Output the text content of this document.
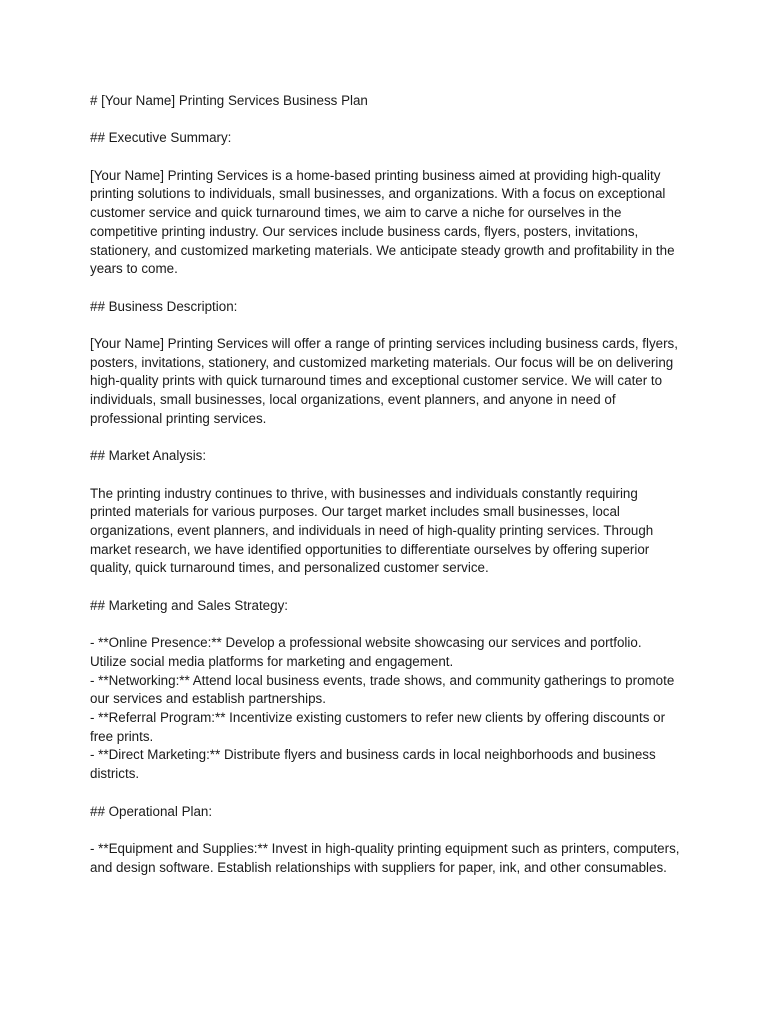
# [Your Name] Printing Services Business Plan

## Executive Summary:

[Your Name] Printing Services is a home-based printing business aimed at providing high-quality printing solutions to individuals, small businesses, and organizations. With a focus on exceptional customer service and quick turnaround times, we aim to carve a niche for ourselves in the competitive printing industry. Our services include business cards, flyers, posters, invitations, stationery, and customized marketing materials. We anticipate steady growth and profitability in the years to come.

## Business Description:

[Your Name] Printing Services will offer a range of printing services including business cards, flyers, posters, invitations, stationery, and customized marketing materials. Our focus will be on delivering high-quality prints with quick turnaround times and exceptional customer service. We will cater to individuals, small businesses, local organizations, event planners, and anyone in need of professional printing services.

## Market Analysis:

The printing industry continues to thrive, with businesses and individuals constantly requiring printed materials for various purposes. Our target market includes small businesses, local organizations, event planners, and individuals in need of high-quality printing services. Through market research, we have identified opportunities to differentiate ourselves by offering superior quality, quick turnaround times, and personalized customer service.

## Marketing and Sales Strategy:

- **Online Presence:** Develop a professional website showcasing our services and portfolio. Utilize social media platforms for marketing and engagement.
- **Networking:** Attend local business events, trade shows, and community gatherings to promote our services and establish partnerships.
- **Referral Program:** Incentivize existing customers to refer new clients by offering discounts or free prints.
- **Direct Marketing:** Distribute flyers and business cards in local neighborhoods and business districts.

## Operational Plan:

- **Equipment and Supplies:** Invest in high-quality printing equipment such as printers, computers, and design software. Establish relationships with suppliers for paper, ink, and other consumables.
